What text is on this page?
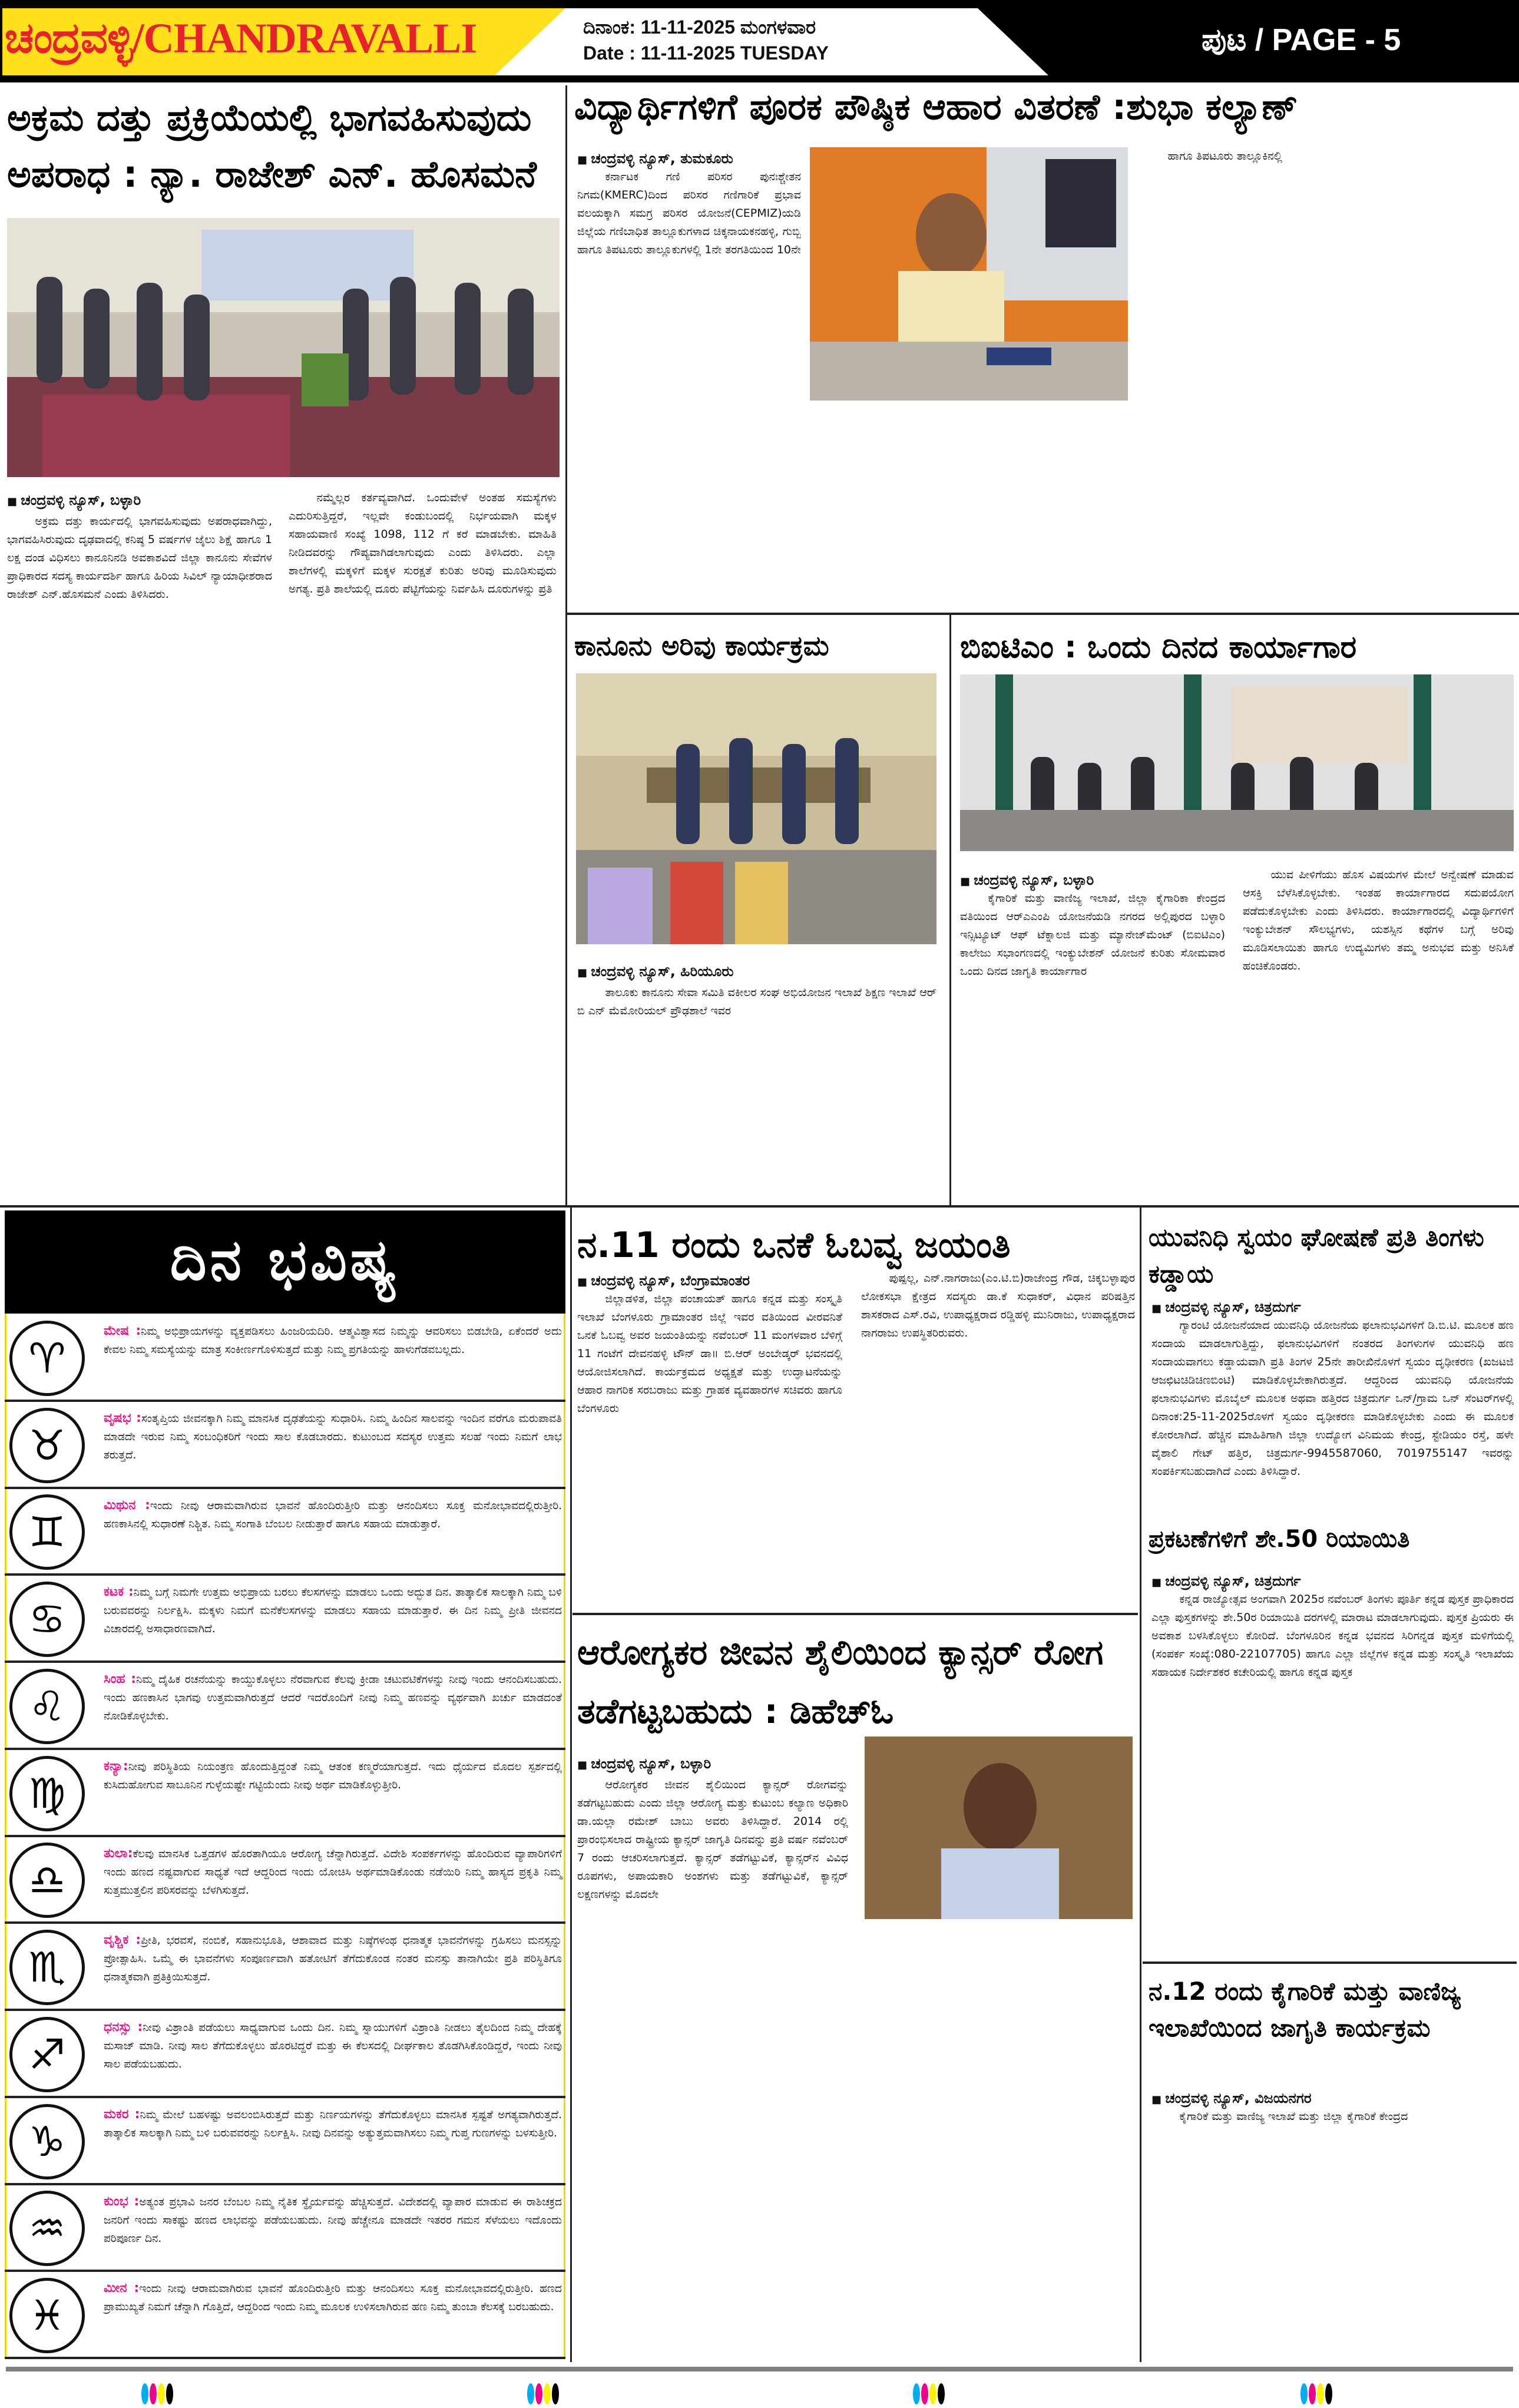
ಚಂದ್ರವಳ್ಳಿ/CHANDRAVALLI	ದಿನಾಂಕ: 11-11-2025 ಮಂಗಳವಾರ
Date : 11-11-2025 TUESDAY	ಪುಟ / PAGE - 5
ಅಕ್ರಮ ದತ್ತು ಪ್ರಕ್ರಿಯೆಯಲ್ಲಿ ಭಾಗವಹಿಸುವುದು ಅಪರಾಧ : ನ್ಯಾ. ರಾಜೇಶ್ ಎನ್. ಹೊಸಮನೆ
■ ಚಂದ್ರವಳ್ಳಿ ನ್ಯೂಸ್, ಬಳ್ಳಾರಿ

ಅಕ್ರಮ ದತ್ತು ಕಾರ್ಯದಲ್ಲಿ ಭಾಗವಹಿಸುವುದು ಅಪರಾಧವಾಗಿದ್ದು, ಭಾಗವಹಿಸಿರುವುದು ದೃಢವಾದಲ್ಲಿ ಕನಿಷ್ಠ 5 ವರ್ಷಗಳ ಜೈಲು ಶಿಕ್ಷೆ ಹಾಗೂ 1 ಲಕ್ಷ ದಂಡ ವಿಧಿಸಲು ಕಾನೂನಿನಡಿ ಅವಕಾಶವಿದೆ ಜಿಲ್ಲಾ ಕಾನೂನು ಸೇವೆಗಳ ಪ್ರಾಧಿಕಾರದ ಸದಸ್ಯ ಕಾರ್ಯದರ್ಶಿ ಹಾಗೂ ಹಿರಿಯ ಸಿವಿಲ್ ನ್ಯಾಯಾಧೀಶರಾದ ರಾಜೇಶ್ ಎನ್.ಹೊಸಮನೆ ಎಂದು ತಿಳಿಸಿದರು.

ನಮ್ಮೆಲ್ಲರ ಕರ್ತವ್ಯವಾಗಿದೆ. ಒಂದುವೇಳೆ ಅಂತಹ ಸಮಸ್ಯೆಗಳು ಎದುರಿಸುತ್ತಿದ್ದರೆ, ಇಲ್ಲವೇ ಕಂಡುಬಂದಲ್ಲಿ ನಿರ್ಭಯವಾಗಿ ಮಕ್ಕಳ ಸಹಾಯವಾಣಿ ಸಂಖ್ಯೆ 1098, 112 ಗೆ ಕರೆ ಮಾಡಬೇಕು. ಮಾಹಿತಿ ನೀಡಿದವರನ್ನು ಗೌಪ್ಯವಾಗಿಡಲಾಗುವುದು ಎಂದು ತಿಳಿಸಿದರು. ಎಲ್ಲಾ ಶಾಲೆಗಳಲ್ಲಿ ಮಕ್ಕಳಿಗೆ ಮಕ್ಕಳ ಸುರಕ್ಷತೆ ಕುರಿತು ಅರಿವು ಮೂಡಿಸುವುದು ಅಗತ್ಯ. ಪ್ರತಿ ಶಾಲೆಯಲ್ಲಿ ದೂರು ಪೆಟ್ಟಿಗೆಯನ್ನು ನಿರ್ವಹಿಸಿ ದೂರುಗಳನ್ನು ಪ್ರತಿ

ವಿದ್ಯಾರ್ಥಿಗಳಿಗೆ ಪೂರಕ ಪೌಷ್ಠಿಕ ಆಹಾರ ವಿತರಣೆ :ಶುಭಾ ಕಲ್ಯಾಣ್
■ ಚಂದ್ರವಳ್ಳಿ ನ್ಯೂಸ್, ತುಮಕೂರು

ಕರ್ನಾಟಕ ಗಣಿ ಪರಿಸರ ಪುನಃಶ್ಚೇತನ ನಿಗಮ(KMERC)ದಿಂದ ಪರಿಸರ ಗಣಿಗಾರಿಕೆ ಪ್ರಭಾವ ವಲಯಕ್ಕಾಗಿ ಸಮಗ್ರ ಪರಿಸರ ಯೋಜನೆ(CEPMIZ)ಯಡಿ ಜಿಲ್ಲೆಯ ಗಣಿಬಾಧಿತ ತಾಲ್ಲೂಕುಗಳಾದ ಚಿಕ್ಕನಾಯಕನಹಳ್ಳಿ, ಗುಬ್ಬಿ ಹಾಗೂ ತಿಪಟೂರು ತಾಲ್ಲೂಕುಗಳಲ್ಲಿ 1ನೇ ತರಗತಿಯಿಂದ 10ನೇ

ಹಾಗೂ ತಿಪಟೂರು ತಾಲ್ಲೂಕಿನಲ್ಲಿ

ಕಾನೂನು ಅರಿವು ಕಾರ್ಯಕ್ರಮ
■ ಚಂದ್ರವಳ್ಳಿ ನ್ಯೂಸ್, ಹಿರಿಯೂರು

ತಾಲೂಕು ಕಾನೂನು ಸೇವಾ ಸಮಿತಿ ವಕೀಲರ ಸಂಘ ಅಭಿಯೋಜನ ಇಲಾಖೆ ಶಿಕ್ಷಣ ಇಲಾಖೆ ಆರ್ ಬಿ ಎನ್ ಮೆಮೋರಿಯಲ್ ಪ್ರೌಢಶಾಲೆ ಇವರ

ಬಿಐಟಿಎಂ : ಒಂದು ದಿನದ ಕಾರ್ಯಾಗಾರ
■ ಚಂದ್ರವಳ್ಳಿ ನ್ಯೂಸ್, ಬಳ್ಳಾರಿ

ಕೈಗಾರಿಕೆ ಮತ್ತು ವಾಣಿಜ್ಯ ಇಲಾಖೆ, ಜಿಲ್ಲಾ ಕೈಗಾರಿಕಾ ಕೇಂದ್ರದ ವತಿಯಿಂದ ಆರ್‌ಎಎಂಪಿ ಯೋಜನೆಯಡಿ ನಗರದ ಅಲ್ಲಿಪುರದ ಬಳ್ಳಾರಿ ಇನ್ಸಿಟ್ಯೂಟ್ ಆಫ್ ಟೆಕ್ನಾಲಜಿ ಮತ್ತು ಮ್ಯಾನೇಜ್‌ಮೆಂಟ್ (ಬಿಐಟಿಎಂ) ಕಾಲೇಜು ಸಭಾಂಗಣದಲ್ಲಿ ಇಂಕ್ಯುಬೇಶನ್ ಯೋಜನೆ ಕುರಿತು ಸೋಮವಾರ ಒಂದು ದಿನದ ಜಾಗೃತಿ ಕಾರ್ಯಾಗಾರ

ಯುವ ಪೀಳಿಗೆಯು ಹೊಸ ವಿಷಯಗಳ ಮೇಲೆ ಅನ್ವೇಷಣೆ ಮಾಡುವ ಆಸಕ್ತಿ ಬೆಳೆಸಿಕೊಳ್ಳಬೇಕು. ಇಂತಹ ಕಾರ್ಯಾಗಾರದ ಸದುಪಯೋಗ ಪಡೆದುಕೊಳ್ಳಬೇಕು ಎಂದು ತಿಳಿಸಿದರು. ಕಾರ್ಯಾಗಾರದಲ್ಲಿ ವಿದ್ಯಾರ್ಥಿಗಳಿಗೆ ಇಂಕ್ಯುಬೇಶನ್ ಸೌಲಭ್ಯಗಳು, ಯಶಸ್ಸಿನ ಕಥೆಗಳ ಬಗ್ಗೆ ಅರಿವು ಮೂಡಿಸಲಾಯಿತು ಹಾಗೂ ಉದ್ಯಮಿಗಳು ತಮ್ಮ ಅನುಭವ ಮತ್ತು ಅನಿಸಿಕೆ ಹಂಚಿಕೊಂಡರು.

ದಿನ ಭವಿಷ್ಯ
♈
ಮೇಷ :ನಿಮ್ಮ ಅಭಿಪ್ರಾಯಗಳನ್ನು ವ್ಯಕ್ತಪಡಿಸಲು ಹಿಂಜರಿಯದಿರಿ. ಆತ್ಮವಿಶ್ವಾಸದ ನಿಮ್ಮನ್ನು ಆವರಿಸಲು ಬಿಡಬೇಡಿ, ಏಕೆಂದರೆ ಅದು ಕೇವಲ ನಿಮ್ಮ ಸಮಸ್ಯೆಯನ್ನು ಮಾತ್ರ ಸಂಕೀರ್ಣಗೊಳಿಸುತ್ತದೆ ಮತ್ತು ನಿಮ್ಮ ಪ್ರಗತಿಯನ್ನು ಹಾಳುಗೆಡವಬಲ್ಲದು.
♉
ವೃಷಭ :ಸಂತೃಪ್ತಿಯ ಜೀವನಕ್ಕಾಗಿ ನಿಮ್ಮ ಮಾನಸಿಕ ದೃಢತೆಯನ್ನು ಸುಧಾರಿಸಿ. ನಿಮ್ಮ ಹಿಂದಿನ ಸಾಲವನ್ನು ಇಂದಿನ ವರೆಗೂ ಮರುಪಾವತಿ ಮಾಡದೇ ಇರುವ ನಿಮ್ಮ ಸಂಬಂಧಿಕರಿಗೆ ಇಂದು ಸಾಲ ಕೊಡಬಾರದು. ಕುಟುಂಬದ ಸದಸ್ಯರ ಉತ್ತಮ ಸಲಹೆ ಇಂದು ನಿಮಗೆ ಲಾಭ ತರುತ್ತದೆ.
♊
ಮಿಥುನ :ಇಂದು ನೀವು ಆರಾಮವಾಗಿರುವ ಭಾವನೆ ಹೊಂದಿರುತ್ತೀರಿ ಮತ್ತು ಆನಂದಿಸಲು ಸೂಕ್ತ ಮನೋಭಾವದಲ್ಲಿರುತ್ತೀರಿ. ಹಣಕಾಸಿನಲ್ಲಿ ಸುಧಾರಣೆ ನಿಶ್ಚಿತ. ನಿಮ್ಮ ಸಂಗಾತಿ ಬೆಂಬಲ ನೀಡುತ್ತಾರೆ ಹಾಗೂ ಸಹಾಯ ಮಾಡುತ್ತಾರೆ.
♋
ಕಟಕ :ನಿಮ್ಮ ಬಗ್ಗೆ ನಿಮಗೇ ಉತ್ತಮ ಅಭಿಪ್ರಾಯ ಬರಲು ಕೆಲಸಗಳನ್ನು ಮಾಡಲು ಒಂದು ಅದ್ಭುತ ದಿನ. ತಾತ್ಕಾಲಿಕ ಸಾಲಕ್ಕಾಗಿ ನಿಮ್ಮ ಬಳಿ ಬರುವವರನ್ನು ನಿರ್ಲಕ್ಷಿಸಿ. ಮಕ್ಕಳು ನಿಮಗೆ ಮನೆಕೆಲಸಗಳನ್ನು ಮಾಡಲು ಸಹಾಯ ಮಾಡುತ್ತಾರೆ. ಈ ದಿನ ನಿಮ್ಮ ಪ್ರೀತಿ ಜೀವನದ ವಿಚಾರದಲ್ಲಿ ಅಸಾಧಾರಣವಾಗಿದೆ.
♌
ಸಿಂಹ :ನಿಮ್ಮ ದೈಹಿಕ ರಚನೆಯನ್ನು ಕಾಯ್ದುಕೊಳ್ಳಲು ನೆರವಾಗುವ ಕೆಲವು ಕ್ರೀಡಾ ಚಟುವಟಿಕೆಗಳನ್ನು ನೀವು ಇಂದು ಆನಂದಿಸಬಹುದು. ಇಂದು ಹಣಕಾಸಿನ ಭಾಗವು ಉತ್ತಮವಾಗಿರುತ್ತದೆ ಆದರೆ ಇದರೊಂದಿಗೆ ನೀವು ನಿಮ್ಮ ಹಣವನ್ನು ವ್ಯರ್ಥವಾಗಿ ಖರ್ಚು ಮಾಡದಂತೆ ನೋಡಿಕೊಳ್ಳಬೇಕು.
♍
ಕನ್ಯಾ:ನೀವು ಪರಿಸ್ಥಿತಿಯ ನಿಯಂತ್ರಣ ಹೊಂದುತ್ತಿದ್ದಂತೆ ನಿಮ್ಮ ಆತಂಕ ಕಣ್ಮರೆಯಾಗುತ್ತದೆ. ಇದು ಧೈರ್ಯದ ಮೊದಲ ಸ್ಪರ್ಶದಲ್ಲಿ ಕುಸಿದುಹೋಗುವ ಸಾಬೂನಿನ ಗುಳ್ಳೆಯಷ್ಟೇ ಗಟ್ಟಿಯೆಂದು ನೀವು ಅರ್ಥ ಮಾಡಿಕೊಳ್ಳುತ್ತೀರಿ.
♎
ತುಲಾ:ಕೆಲವು ಮಾನಸಿಕ ಒತ್ತಡಗಳ ಹೊರತಾಗಿಯೂ ಆರೋಗ್ಯ ಚೆನ್ನಾಗಿರುತ್ತದೆ. ವಿದೇಶಿ ಸಂಪರ್ಕಗಳನ್ನು ಹೊಂದಿರುವ ವ್ಯಾಪಾರಿಗಳಿಗೆ ಇಂದು ಹಣದ ನಷ್ಟವಾಗುವ ಸಾಧ್ಯತೆ ಇದೆ ಆದ್ದರಿಂದ ಇಂದು ಯೋಚಿಸಿ ಅರ್ಥಮಾಡಿಕೊಂಡು ನಡೆಯಿರಿ ನಿಮ್ಮ ಹಾಸ್ಯದ ಪ್ರಕೃತಿ ನಿಮ್ಮ ಸುತ್ತಮುತ್ತಲಿನ ಪರಿಸರವನ್ನು ಬೆಳಗಿಸುತ್ತದೆ.
♏
ವೃಶ್ಚಿಕ :ಪ್ರೀತಿ, ಭರವಸೆ, ನಂಬಿಕೆ, ಸಹಾನುಭೂತಿ, ಆಶಾವಾದ ಮತ್ತು ನಿಷ್ಠೆಗಳಂಥ ಧನಾತ್ಮಕ ಭಾವನೆಗಳನ್ನು ಗ್ರಹಿಸಲು ಮನಸ್ಸನ್ನು ಪ್ರೋತ್ಸಾಹಿಸಿ. ಒಮ್ಮೆ ಈ ಭಾವನೆಗಳು ಸಂಪೂರ್ಣವಾಗಿ ಹತೋಟಿಗೆ ತೆಗೆದುಕೊಂಡ ನಂತರ ಮನಸ್ಸು ತಾನಾಗಿಯೇ ಪ್ರತಿ ಪರಿಸ್ಥಿತಿಗೂ ಧನಾತ್ಮಕವಾಗಿ ಪ್ರತಿಕ್ರಿಯಿಸುತ್ತದೆ.
♐
ಧನಸ್ಸು :ನೀವು ವಿಶ್ರಾಂತಿ ಪಡೆಯಲು ಸಾಧ್ಯವಾಗುವ ಒಂದು ದಿನ. ನಿಮ್ಮ ಸ್ನಾಯುಗಳಿಗೆ ವಿಶ್ರಾಂತಿ ನೀಡಲು ತೈಲದಿಂದ ನಿಮ್ಮ ದೇಹಕ್ಕೆ ಮಸಾಜ್ ಮಾಡಿ. ನೀವು ಸಾಲ ತೆಗೆದುಕೊಳ್ಳಲು ಹೊರಟಿದ್ದರೆ ಮತ್ತು ಈ ಕೆಲಸದಲ್ಲಿ ದೀರ್ಘಕಾಲ ತೊಡಗಿಸಿಕೊಂಡಿದ್ದರೆ, ಇಂದು ನೀವು ಸಾಲ ಪಡೆಯಬಹುದು.
♑
ಮಕರ :ನಿಮ್ಮ ಮೇಲೆ ಬಹಳಷ್ಟು ಅವಲಂಬಿಸಿರುತ್ತದೆ ಮತ್ತು ನಿರ್ಣಯಗಳನ್ನು ತೆಗೆದುಕೊಳ್ಳಲು ಮಾನಸಿಕ ಸ್ಪಷ್ಟತೆ ಅಗತ್ಯವಾಗಿರುತ್ತದೆ. ತಾತ್ಕಾಲಿಕ ಸಾಲಕ್ಕಾಗಿ ನಿಮ್ಮ ಬಳಿ ಬರುವವರನ್ನು ನಿರ್ಲಕ್ಷಿಸಿ. ನೀವು ದಿನವನ್ನು ಅತ್ಯುತ್ತಮವಾಗಿಸಲು ನಿಮ್ಮ ಗುಪ್ತ ಗುಣಗಳನ್ನು ಬಳಸುತ್ತೀರಿ.
♒
ಕುಂಭ :ಅತ್ಯಂತ ಪ್ರಭಾವಿ ಜನರ ಬೆಂಬಲ ನಿಮ್ಮ ನೈತಿಕ ಸ್ಥೈರ್ಯವನ್ನು ಹೆಚ್ಚಿಸುತ್ತದೆ. ವಿದೇಶದಲ್ಲಿ ವ್ಯಾಪಾರ ಮಾಡುವ ಈ ರಾಶಿಚಕ್ರದ ಜನರಿಗೆ ಇಂದು ಸಾಕಷ್ಟು ಹಣದ ಲಾಭವನ್ನು ಪಡೆಯಬಹುದು. ನೀವು ಹೆಚ್ಚೇನೂ ಮಾಡದೇ ಇತರರ ಗಮನ ಸೆಳೆಯಲು ಇದೊಂದು ಪರಿಪೂರ್ಣ ದಿನ.
♓
ಮೀನ :ಇಂದು ನೀವು ಆರಾಮವಾಗಿರುವ ಭಾವನೆ ಹೊಂದಿರುತ್ತೀರಿ ಮತ್ತು ಆನಂದಿಸಲು ಸೂಕ್ತ ಮನೋಭಾವದಲ್ಲಿರುತ್ತೀರಿ. ಹಣದ ಪ್ರಾಮುಖ್ಯತೆ ನಿಮಗೆ ಚೆನ್ನಾಗಿ ಗೊತ್ತಿದೆ, ಆದ್ದರಿಂದ ಇಂದು ನಿಮ್ಮ ಮೂಲಕ ಉಳಿಸಲಾಗಿರುವ ಹಣ ನಿಮ್ಮ ತುಂಬಾ ಕೆಲಸಕ್ಕೆ ಬರಬಹುದು.
ನ.11 ರಂದು ಒನಕೆ ಓಬವ್ವ ಜಯಂತಿ
■ ಚಂದ್ರವಳ್ಳಿ ನ್ಯೂಸ್, ಬೆಂಗ್ರಾಮಾಂತರ

ಜಿಲ್ಲಾಡಳಿತ, ಜಿಲ್ಲಾ ಪಂಚಾಯತ್ ಹಾಗೂ ಕನ್ನಡ ಮತ್ತು ಸಂಸ್ಕೃತಿ ಇಲಾಖೆ ಬೆಂಗಳೂರು ಗ್ರಾಮಾಂತರ ಜಿಲ್ಲೆ ಇವರ ವತಿಯಿಂದ ವೀರವನಿತೆ ಒನಕೆ ಓಬವ್ವ ಅವರ ಜಯಂತಿಯನ್ನು ನವೆಂಬರ್ 11 ಮಂಗಳವಾರ ಬೆಳಿಗ್ಗೆ 11 ಗಂಟೆಗೆ ದೇವನಹಳ್ಳಿ ಟೌನ್ ಡಾ॥ ಬಿ.ಆರ್ ಅಂಬೇಡ್ಕರ್ ಭವನದಲ್ಲಿ ಆಯೋಜಿಸಲಾಗಿದೆ. ಕಾರ್ಯಕ್ರಮದ ಅಧ್ಯಕ್ಷತೆ ಮತ್ತು ಉದ್ಘಾಟನೆಯನ್ನು ಆಹಾರ ನಾಗರಿಕ ಸರಬರಾಜು ಮತ್ತು ಗ್ರಾಹಕ ವ್ಯವಹಾರಗಳ ಸಚಿವರು ಹಾಗೂ ಬೆಂಗಳೂರು

ಪುಷ್ಪಲ್ಲ, ಎನ್.ನಾಗರಾಜು(ಎಂ.ಟಿ.ಬಿ)ರಾಜೇಂದ್ರ ಗೌಡ, ಚಿಕ್ಕಬಳ್ಳಾಪುರ ಲೋಕಸಭಾ ಕ್ಷೇತ್ರದ ಸದಸ್ಯರು ಡಾ.ಕೆ ಸುಧಾಕರ್, ವಿಧಾನ ಪರಿಷತ್ತಿನ ಶಾಸಕರಾದ ಎಸ್.ರವಿ, ಉಪಾಧ್ಯಕ್ಷರಾದ ರಡ್ಡಿಹಳ್ಳಿ ಮುನಿರಾಜು, ಉಪಾಧ್ಯಕ್ಷರಾದ ನಾಗರಾಜು ಉಪಸ್ಥಿತರಿರುವರು.

ಆರೋಗ್ಯಕರ ಜೀವನ ಶೈಲಿಯಿಂದ ಕ್ಯಾನ್ಸರ್ ರೋಗ ತಡೆಗಟ್ಟಬಹುದು : ಡಿಹೆಚ್‌ಓ
■ ಚಂದ್ರವಳ್ಳಿ ನ್ಯೂಸ್, ಬಳ್ಳಾರಿ

ಆರೋಗ್ಯಕರ ಜೀವನ ಶೈಲಿಯಿಂದ ಕ್ಯಾನ್ಸರ್ ರೋಗವನ್ನು ತಡೆಗಟ್ಟಬಹುದು ಎಂದು ಜಿಲ್ಲಾ ಆರೋಗ್ಯ ಮತ್ತು ಕುಟುಂಬ ಕಲ್ಯಾಣ ಅಧಿಕಾರಿ ಡಾ.ಯಲ್ಲಾ ರಮೇಶ್ ಬಾಬು ಅವರು ತಿಳಿಸಿದ್ದಾರೆ. 2014 ರಲ್ಲಿ ಪ್ರಾರಂಭಿಸಲಾದ ರಾಷ್ಟ್ರೀಯ ಕ್ಯಾನ್ಸರ್ ಜಾಗೃತಿ ದಿನವನ್ನು ಪ್ರತಿ ವರ್ಷ ನವೆಂಬರ್ 7 ರಂದು ಆಚರಿಸಲಾಗುತ್ತದೆ. ಕ್ಯಾನ್ಸರ್ ತಡೆಗಟ್ಟುವಿಕೆ, ಕ್ಯಾನ್ಸರ್‌ನ ವಿವಿಧ ರೂಪಗಳು, ಅಪಾಯಕಾರಿ ಅಂಶಗಳು ಮತ್ತು ತಡೆಗಟ್ಟುವಿಕೆ, ಕ್ಯಾನ್ಸರ್ ಲಕ್ಷಣಗಳನ್ನು ಮೊದಲೇ

ಯುವನಿಧಿ ಸ್ವಯಂ ಘೋಷಣೆ ಪ್ರತಿ ತಿಂಗಳು ಕಡ್ಡಾಯ
■ ಚಂದ್ರವಳ್ಳಿ ನ್ಯೂಸ್, ಚಿತ್ರದುರ್ಗ

ಗ್ಯಾರಂಟಿ ಯೋಜನೆಯಾದ ಯುವನಿಧಿ ಯೋಜನೆಯ ಫಲಾನುಭವಿಗಳಿಗೆ ಡಿ.ಬಿ.ಟಿ. ಮೂಲಕ ಹಣ ಸಂದಾಯ ಮಾಡಲಾಗುತ್ತಿದ್ದು, ಫಲಾನುಭವಿಗಳಿಗೆ ನಂತರದ ತಿಂಗಳುಗಳ ಯುವನಿಧಿ ಹಣ ಸಂದಾಯವಾಗಲು ಕಡ್ಡಾಯವಾಗಿ ಪ್ರತಿ ತಿಂಗಳ 25ನೇ ತಾರೀಖಿನೊಳಗೆ ಸ್ವಯಂ ದೃಢೀಕರಣ (ಖಜಟಜಿ ಆಜಛಿಟಚಿಡಿಚಿಣಬಿಂಟಿ) ಮಾಡಿಕೊಳ್ಳಬೇಕಾಗಿರುತ್ತದೆ. ಆದ್ದರಿಂದ ಯುವನಿಧಿ ಯೋಜನೆಯ ಫಲಾನುಭವಿಗಳು ಮೊಬೈಲ್ ಮೂಲಕ ಅಥವಾ ಹತ್ತಿರದ ಚಿತ್ರದುರ್ಗ ಒನ್/ಗ್ರಾಮ ಒನ್ ಸೆಂಟರ್‌ಗಳಲ್ಲಿ ದಿನಾಂಕ:25-11-2025ರೊಳಗೆ ಸ್ವಯಂ ದೃಢೀಕರಣ ಮಾಡಿಕೊಳ್ಳಬೇಕು ಎಂದು ಈ ಮೂಲಕ ಕೋರಲಾಗಿದೆ. ಹೆಚ್ಚಿನ ಮಾಹಿತಿಗಾಗಿ ಜಿಲ್ಲಾ ಉದ್ಯೋಗ ವಿನಿಮಯ ಕೇಂದ್ರ, ಸ್ಟೇಡಿಯಂ ರಸ್ತೆ, ಹಳೇ ವೈಶಾಲಿ ಗೇಟ್ ಹತ್ತಿರ, ಚಿತ್ರದುರ್ಗ-9945587060, 7019755147 ಇವರನ್ನು ಸಂಪರ್ಕಿಸಬಹುದಾಗಿದೆ ಎಂದು ತಿಳಿಸಿದ್ದಾರೆ.

ಪ್ರಕಟಣೆಗಳಿಗೆ ಶೇ.50 ರಿಯಾಯಿತಿ
■ ಚಂದ್ರವಳ್ಳಿ ನ್ಯೂಸ್, ಚಿತ್ರದುರ್ಗ

ಕನ್ನಡ ರಾಜ್ಯೋತ್ಸವ ಅಂಗವಾಗಿ 2025ರ ನವೆಂಬರ್ ತಿಂಗಳು ಪೂರ್ತಿ ಕನ್ನಡ ಪುಸ್ತಕ ಪ್ರಾಧಿಕಾರದ ಎಲ್ಲಾ ಪುಸ್ತಕಗಳನ್ನು ಶೇ.50ರ ರಿಯಾಯಿತಿ ದರಗಳಲ್ಲಿ ಮಾರಾಟ ಮಾಡಲಾಗುವುದು. ಪುಸ್ತಕ ಪ್ರಿಯರು ಈ ಅವಕಾಶ ಬಳಸಿಕೊಳ್ಳಲು ಕೋರಿದೆ. ಬೆಂಗಳೂರಿನ ಕನ್ನಡ ಭವನದ ಸಿರಿಗನ್ನಡ ಪುಸ್ತಕ ಮಳಿಗೆಯಲ್ಲಿ (ಸಂಪರ್ಕ ಸಂಖ್ಯೆ:080-22107705) ಹಾಗೂ ಎಲ್ಲಾ ಜಿಲ್ಲೆಗಳ ಕನ್ನಡ ಮತ್ತು ಸಂಸ್ಕೃತಿ ಇಲಾಖೆಯ ಸಹಾಯಕ ನಿರ್ದೇಶಕರ ಕಚೇರಿಯಲ್ಲಿ ಹಾಗೂ ಕನ್ನಡ ಪುಸ್ತಕ

ನ.12 ರಂದು ಕೈಗಾರಿಕೆ ಮತ್ತು ವಾಣಿಜ್ಯ ಇಲಾಖೆಯಿಂದ ಜಾಗೃತಿ ಕಾರ್ಯಕ್ರಮ
■ ಚಂದ್ರವಳ್ಳಿ ನ್ಯೂಸ್, ವಿಜಯನಗರ

ಕೈಗಾರಿಕೆ ಮತ್ತು ವಾಣಿಜ್ಯ ಇಲಾಖೆ ಮತ್ತು ಜಿಲ್ಲಾ ಕೈಗಾರಿಕೆ ಕೇಂದ್ರದ
